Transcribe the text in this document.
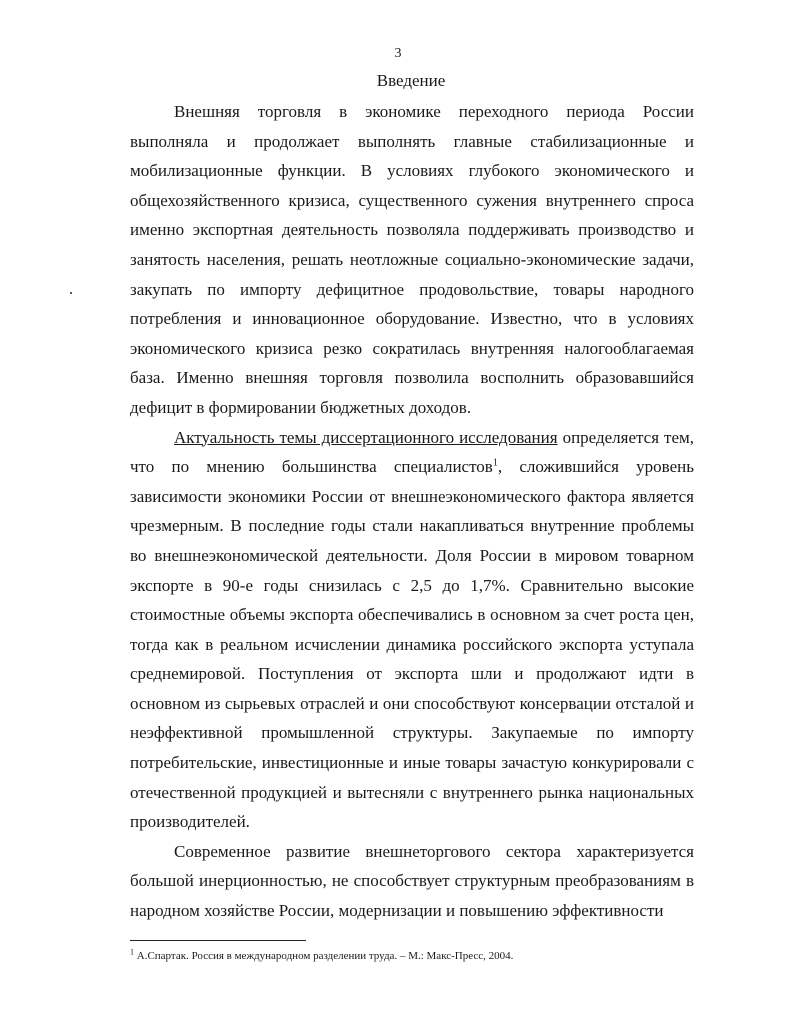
3
Введение

Внешняя торговля в экономике переходного периода России выполняла и продолжает выполнять главные стабилизационные и мобилизационные функции. В условиях глубокого экономического и общехозяйственного кризиса, существенного сужения внутреннего спроса именно экспортная деятельность позволяла поддерживать производство и занятость населения, решать неотложные социально-экономические задачи, закупать по импорту дефицитное продовольствие, товары народного потребления и инновационное оборудование. Известно, что в условиях экономического кризиса резко сократилась внутренняя налогооблагаемая база. Именно внешняя торговля позволила восполнить образовавшийся дефицит в формировании бюджетных доходов.

Актуальность темы диссертационного исследования определяется тем, что по мнению большинства специалистов$^1$, сложившийся уровень зависимости экономики России от внешнеэкономического фактора является чрезмерным. В последние годы стали накапливаться внутренние проблемы во внешнеэкономической деятельности. Доля России в мировом товарном экспорте в 90-е годы снизилась с 2,5 до 1,7%. Сравнительно высокие стоимостные объемы экспорта обеспечивались в основном за счет роста цен, тогда как в реальном исчислении динамика российского экспорта уступала среднемировой. Поступления от экспорта шли и продолжают идти в основном из сырьевых отраслей и они способствуют консервации отсталой и неэффективной промышленной структуры. Закупаемые по импорту потребительские, инвестиционные и иные товары зачастую конкурировали с отечественной продукцией и вытесняли с внутреннего рынка национальных производителей.

Современное развитие внешнеторгового сектора характеризуется большой инерционностью, не способствует структурным преобразованиям в народном хозяйстве России, модернизации и повышению эффективности

$^1$ А.Спартак. Россия в международном разделении труда. – М.: Макс-Пресс, 2004.
